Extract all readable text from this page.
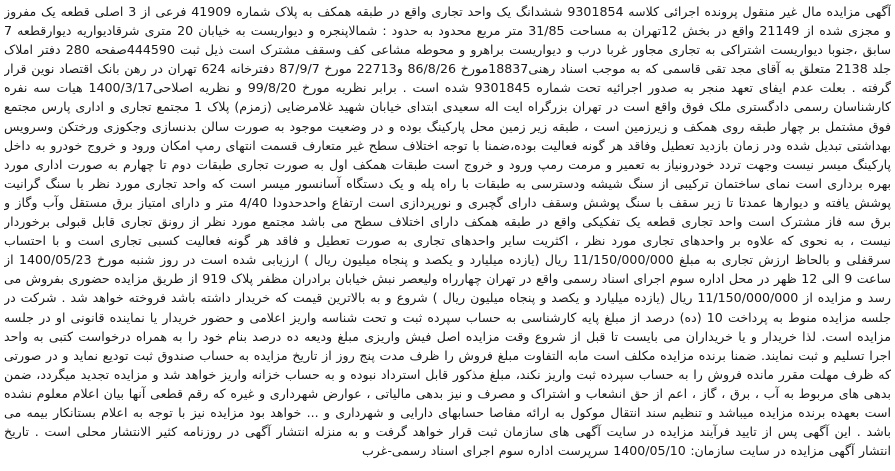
آگهی مزایده مال غیر منقول پرونده اجرائی کلاسه 9301854 ششدانگ یک واحد تجاری واقع در طبقه همکف به پلاک شماره 41909 فرعی از 3 اصلی قطعه یک مفروز و مجزی شده از 21149 واقع در بخش 12تهران به مساحت 31/85 متر مربع محدود به حدود : شمالاپنجره و دیواریست به خیابان 20 متری شرقادیواریه دیوارقطعه 7 سابق ،جنوبا دیواریست اشتراکی به تجاری مجاور غربا درب و دیواریست براهرو و محوطه مشاعی کف وسقف مشترک است ذیل ثبت 444590صفحه 280 دفتر املاک جلد 2138 متعلق به آقای مجد تقی قاسمی که به موجب اسناد رهنی18837مورخ 86/8/26 و22713 مورخ 87/9/7 دفترخانه 624 تهران در رهن بانک اقتصاد نوین قرار گرفته . بعلت عدم ایفای تعهد منجر به صدور اجرائیه تحت شماره 9301845 شده است . برابر نظریه مورخ 99/8/20 و نظریه اصلاحی1400/3/17 هیات سه نفره کارشناسان رسمی دادگستری ملک فوق واقع است در تهران بزرگراه ایت اله سعیدی ابتدای خیابان شهید غلامرضایی (زمزم) پلاک 1 مجتمع تجاری و اداری پارس مجتمع فوق مشتمل بر چهار طبقه روی همکف و زیرزمین است ، طبقه زیر زمین محل پارکینگ بوده و در وضعیت موجود به صورت سالن بدنسازی وجکوزی ورختکن وسرویس بهداشتی تبدیل شده ودر زمان بازدید تعطیل وفاقد هر گونه فعالیت بوده،ضمنا با توجه اختلاف سطح غیر متعارف قسمت انتهای رمپ امکان ورود و خروج خودرو به داخل پارکینگ میسر نیست وجهت تردد خودرونیاز به تعمیر و مرمت رمپ ورود و خروج است طبقات همکف اول به صورت تجاری طبقات دوم تا چهارم به صورت اداری مورد بهره برداری است نمای ساختمان ترکیبی از سنگ شیشه ودسترسی به طبقات با راه پله و یک دستگاه آسانسور میسر است که واحد تجاری مورد نظر با سنگ گرانیت پوشش یافته و دیوارها عمدتا تا زیر سقف با سنگ پوشش وسقف دارای گچبری و نورپردازی است ارتفاع واحدحدودا 4/40 متر و دارای امتیاز برق مستقل وآب وگاز و برق سه فاز مشترک است واحد تجاری قطعه یک تفکیکی واقع در طبقه همکف دارای اختلاف سطح می باشد مجتمع مورد نظر از رونق تجاری قابل قبولی برخوردار نیست ، به نحوی که علاوه بر واحدهای تجاری مورد نظر ، اکثریت سایر واحدهای تجاری به صورت تعطیل و فاقد هر گونه فعالیت کسبی تجاری است و با احتساب سرقفلی و بالحاظ ارزش تجاری به مبلغ 11/150/000/000 ریال (یازده میلیارد و یکصد و پنجاه میلیون ریال ) ارزیابی شده است در روز شنبه مورخ 1400/05/23 از ساعت 9 الی 12 ظهر در محل اداره سوم اجرای اسناد رسمی واقع در تهران چهارراه ولیعصر نبش خیابان برادران مظفر پلاک 919 از طریق مزایده حضوری بفروش می رسد و مزایده از 11/150/000/000 ریال (یازده میلیارد و یکصد و پنجاه میلیون ریال ) شروع و به بالاترین قیمت که خریدار داشته باشد فروخته خواهد شد . شرکت در جلسه مزایده منوط به پرداخت 10 (ده) درصد از مبلغ پایه کارشناسی به حساب سپرده ثبت و تحت شناسه واریز اعلامی و حضور خریدار یا نماینده قانونی او در جلسه مزایده است. لذا خریدار و یا خریداران می بایست تا قبل از شروع وقت مزایده اصل فیش واریزی مبلغ ودیعه ده درصد بنام خود را به همراه درخواست کتبی به واحد اجرا تسلیم و ثبت نمایند. ضمنا برنده مزایده مکلف است مابه التفاوت مبلغ فروش را ظرف مدت پنج روز از تاریخ مزایده به حساب صندوق ثبت توديع نماید و در صورتی که ظرف مهلت مقرر مانده فروش را به حساب سپرده ثبت واریز نکند، مبلغ مذکور قابل استرداد نبوده و به حساب خزانه واریز خواهد شد و مزایده تجدید میگردد، ضمن بدهی های مربوط به آب ، برق ، گاز ، اعم از حق انشعاب و اشتراک و مصرف و نیز بدهی مالیاتی ، عوارض شهرداری و غیره که رقم قطعی آنها بیان اعلام معلوم نشده است بعهده برنده مزایده میباشد و تنظیم سند انتقال موکول به ارائه مفاصا حسابهای دارایی و شهرداری و ... خواهد بود مزایده نیز با توجه به اعلام بستانکار بیمه می باشد . این آگهی پس از تایید فرآیند مزایده در سایت آگهی های سازمان ثبت قرار خواهد گرفت و به منزله انتشار آگهی در روزنامه کثیر الانتشار محلی است . تاریخ انتشار آگهی مزایده در سایت سازمان: 1400/05/10 سرپرست اداره سوم اجرای اسناد رسمی-غرب
